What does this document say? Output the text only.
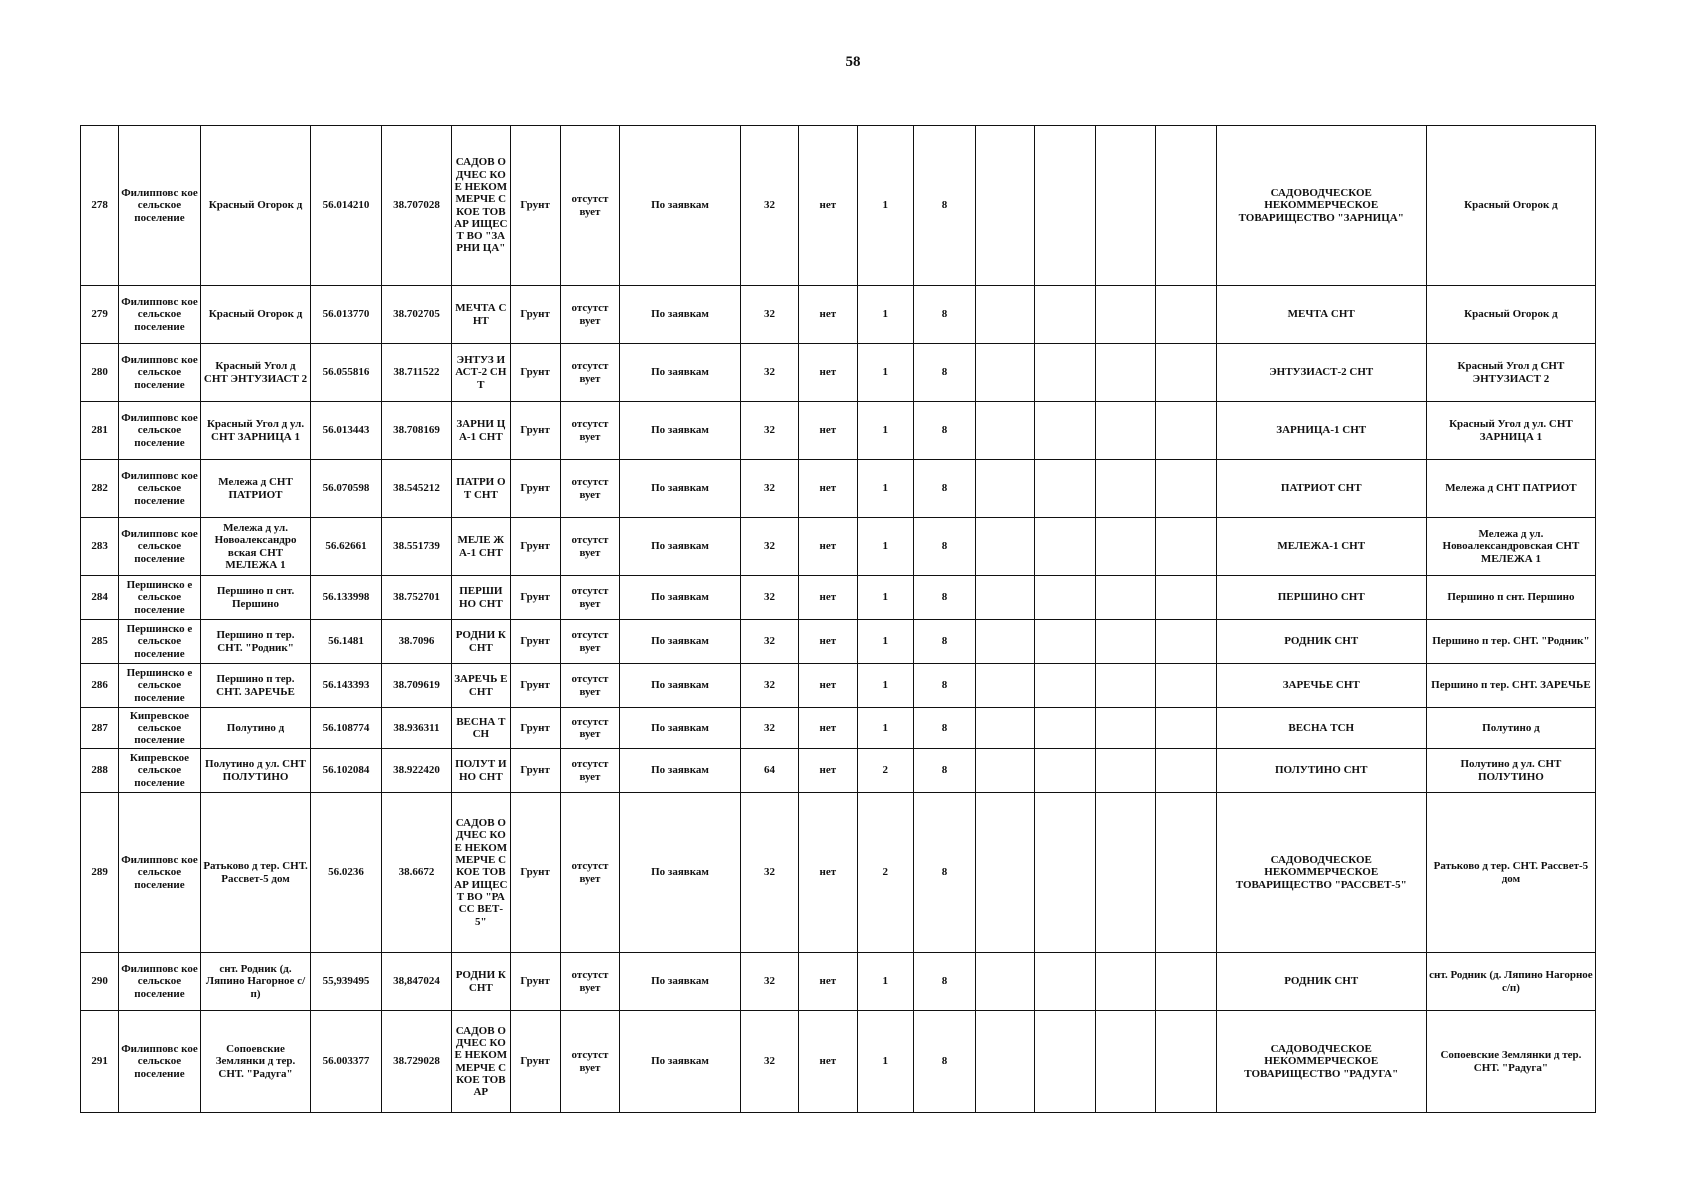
58
278	Филипповс кое сельское поселение	Красный Огорок д	56.014210	38.707028	САДОВ ОДЧЕС КОЕ НЕКОМ МЕРЧЕ СКОЕ ТОВАР ИЩЕСТ ВО "ЗАРНИ ЦА"	Грунт	отсутст вует	По заявкам	32	нет	1	8					САДОВОДЧЕСКОЕ НЕКОММЕРЧЕСКОЕ ТОВАРИЩЕСТВО "ЗАРНИЦА"	Красный Огорок д
279	Филипповс кое сельское поселение	Красный Огорок д	56.013770	38.702705	МЕЧТА СНТ	Грунт	отсутст вует	По заявкам	32	нет	1	8					МЕЧТА СНТ	Красный Огорок д
280	Филипповс кое сельское поселение	Красный Угол д СНТ ЭНТУЗИАСТ 2	56.055816	38.711522	ЭНТУЗ ИАСТ-2 СНТ	Грунт	отсутст вует	По заявкам	32	нет	1	8					ЭНТУЗИАСТ-2 СНТ	Красный Угол д СНТ ЭНТУЗИАСТ 2
281	Филипповс кое сельское поселение	Красный Угол д ул. СНТ ЗАРНИЦА 1	56.013443	38.708169	ЗАРНИ ЦА-1 СНТ	Грунт	отсутст вует	По заявкам	32	нет	1	8					ЗАРНИЦА-1 СНТ	Красный Угол д ул. СНТ ЗАРНИЦА 1
282	Филипповс кое сельское поселение	Мележа д СНТ ПАТРИОТ	56.070598	38.545212	ПАТРИ ОТ СНТ	Грунт	отсутст вует	По заявкам	32	нет	1	8					ПАТРИОТ СНТ	Мележа д СНТ ПАТРИОТ
283	Филипповс кое сельское поселение	Мележа д ул. Новоалександро вская СНТ МЕЛЕЖА 1	56.62661	38.551739	МЕЛЕ ЖА-1 СНТ	Грунт	отсутст вует	По заявкам	32	нет	1	8					МЕЛЕЖА-1 СНТ	Мележа д ул. Новоалександровская СНТ МЕЛЕЖА 1
284	Першинско е сельское поселение	Першино п снт. Першино	56.133998	38.752701	ПЕРШИ НО СНТ	Грунт	отсутст вует	По заявкам	32	нет	1	8					ПЕРШИНО СНТ	Першино п снт. Першино
285	Першинско е сельское поселение	Першино п тер. СНТ. "Родник"	56.1481	38.7096	РОДНИ К СНТ	Грунт	отсутст вует	По заявкам	32	нет	1	8					РОДНИК СНТ	Першино п тер. СНТ. "Родник"
286	Першинско е сельское поселение	Першино п тер. СНТ. ЗАРЕЧЬЕ	56.143393	38.709619	ЗАРЕЧЬ Е СНТ	Грунт	отсутст вует	По заявкам	32	нет	1	8					ЗАРЕЧЬЕ СНТ	Першино п тер. СНТ. ЗАРЕЧЬЕ
287	Кипревское сельское поселение	Полутино д	56.108774	38.936311	ВЕСНА ТСН	Грунт	отсутст вует	По заявкам	32	нет	1	8					ВЕСНА ТСН	Полутино д
288	Кипревское сельское поселение	Полутино д ул. СНТ ПОЛУТИНО	56.102084	38.922420	ПОЛУТ ИНО СНТ	Грунт	отсутст вует	По заявкам	64	нет	2	8					ПОЛУТИНО СНТ	Полутино д ул. СНТ ПОЛУТИНО
289	Филипповс кое сельское поселение	Ратьково д тер. СНТ. Рассвет-5 дом	56.0236	38.6672	САДОВ ОДЧЕС КОЕ НЕКОМ МЕРЧЕ СКОЕ ТОВАР ИЩЕСТ ВО "РАСС ВЕТ-5"	Грунт	отсутст вует	По заявкам	32	нет	2	8					САДОВОДЧЕСКОЕ НЕКОММЕРЧЕСКОЕ ТОВАРИЩЕСТВО "РАССВЕТ-5"	Ратьково д тер. СНТ. Рассвет-5 дом
290	Филипповс кое сельское поселение	снт. Родник (д. Ляпино Нагорное с/п)	55,939495	38,847024	РОДНИ К СНТ	Грунт	отсутст вует	По заявкам	32	нет	1	8					РОДНИК СНТ	снт. Родник (д. Ляпино Нагорное с/п)
291	Филипповс кое сельское поселение	Сопоевские Землянки д тер. СНТ. "Радуга"	56.003377	38.729028	САДОВ ОДЧЕС КОЕ НЕКОМ МЕРЧЕ СКОЕ ТОВАР	Грунт	отсутст вует	По заявкам	32	нет	1	8					САДОВОДЧЕСКОЕ НЕКОММЕРЧЕСКОЕ ТОВАРИЩЕСТВО "РАДУГА"	Сопоевские Землянки д тер. СНТ. "Радуга"
